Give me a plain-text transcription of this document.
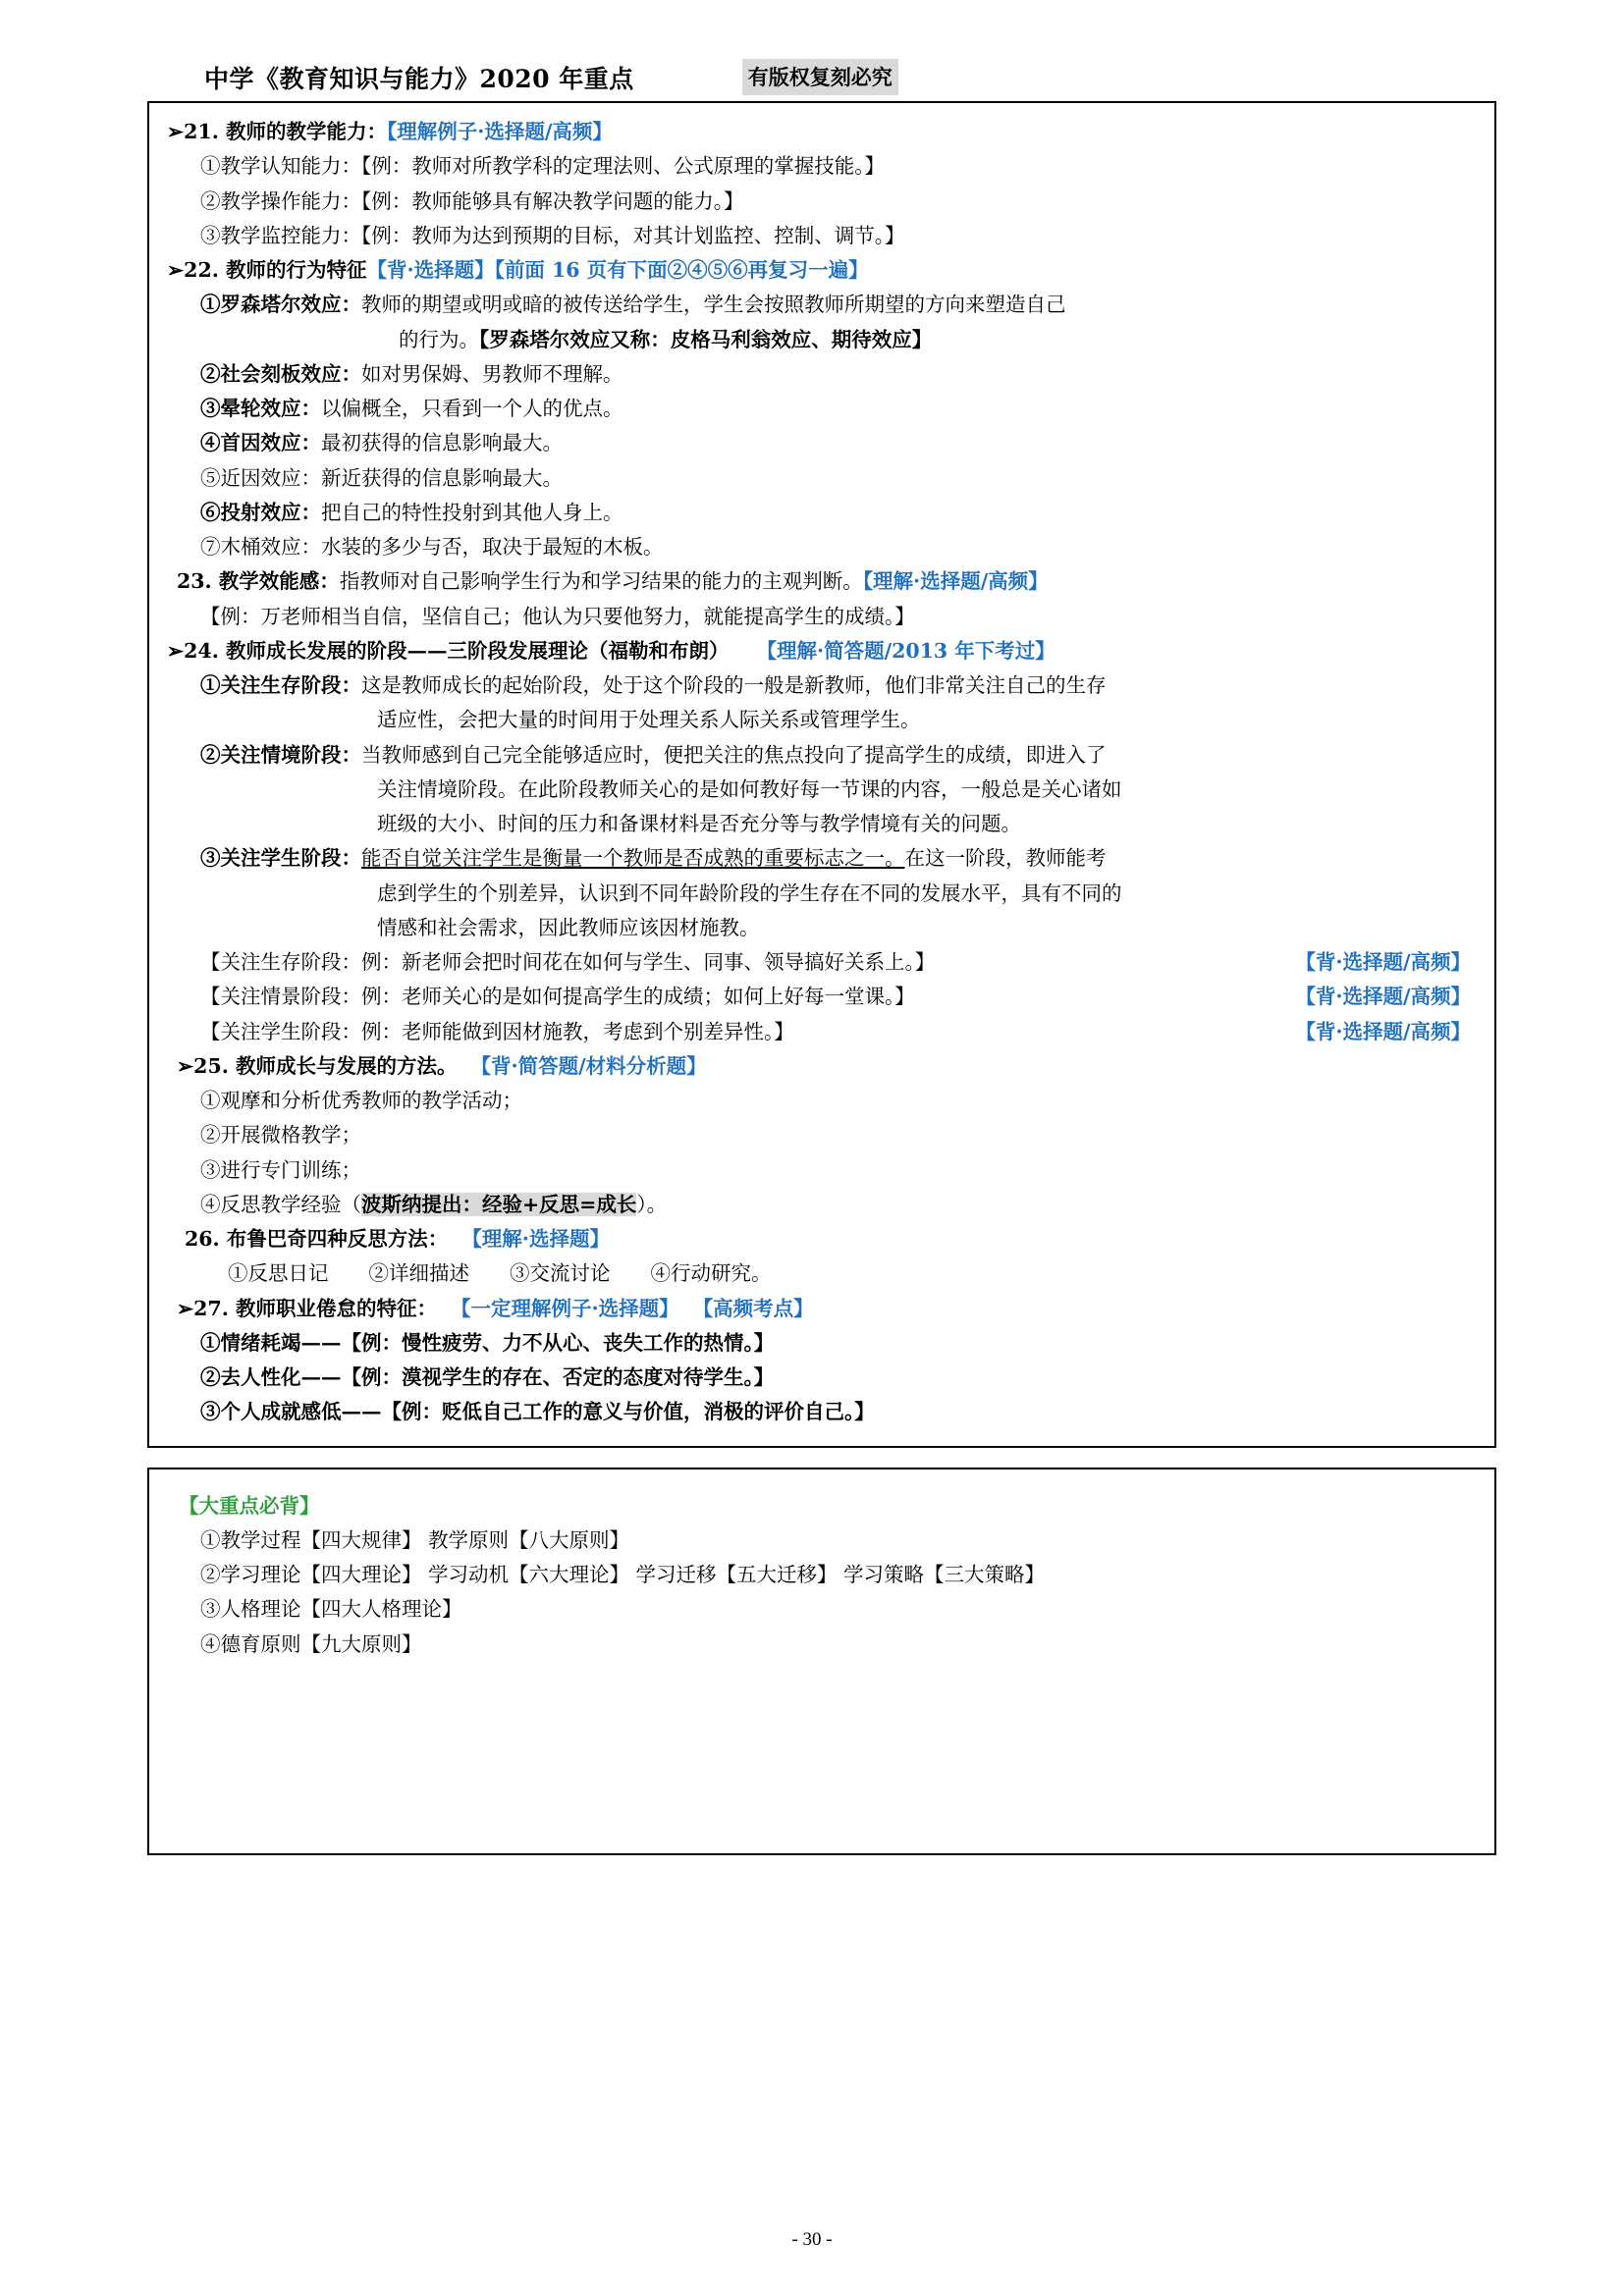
中学《教育知识与能力》2020 年重点	有版权复刻必究
➢21. 教师的教学能力：【理解例子·选择题/高频】
①教学认知能力：【例：教师对所教学科的定理法则、公式原理的掌握技能。】
②教学操作能力：【例：教师能够具有解决教学问题的能力。】
③教学监控能力：【例：教师为达到预期的目标，对其计划监控、控制、调节。】
➢22. 教师的行为特征【背·选择题】【前面 16 页有下面②④⑤⑥再复习一遍】
①罗森塔尔效应：教师的期望或明或暗的被传送给学生，学生会按照教师所期望的方向来塑造自己
的行为。【罗森塔尔效应又称：皮格马利翁效应、期待效应】
②社会刻板效应：如对男保姆、男教师不理解。
③晕轮效应：以偏概全，只看到一个人的优点。
④首因效应：最初获得的信息影响最大。
⑤近因效应：新近获得的信息影响最大。
⑥投射效应：把自己的特性投射到其他人身上。
⑦木桶效应：水装的多少与否，取决于最短的木板。
23. 教学效能感：指教师对自己影响学生行为和学习结果的能力的主观判断。【理解·选择题/高频】
【例：万老师相当自信，坚信自己；他认为只要他努力，就能提高学生的成绩。】
➢24. 教师成长发展的阶段——三阶段发展理论（福勒和布朗） 【理解·简答题/2013 年下考过】
①关注生存阶段：这是教师成长的起始阶段，处于这个阶段的一般是新教师，他们非常关注自己的生存
适应性，会把大量的时间用于处理关系人际关系或管理学生。
②关注情境阶段：当教师感到自己完全能够适应时，便把关注的焦点投向了提高学生的成绩，即进入了
关注情境阶段。在此阶段教师关心的是如何教好每一节课的内容，一般总是关心诸如
班级的大小、时间的压力和备课材料是否充分等与教学情境有关的问题。
③关注学生阶段：能否自觉关注学生是衡量一个教师是否成熟的重要标志之一。在这一阶段，教师能考
虑到学生的个别差异，认识到不同年龄阶段的学生存在不同的发展水平，具有不同的
情感和社会需求，因此教师应该因材施教。
【关注生存阶段：例：新老师会把时间花在如何与学生、同事、领导搞好关系上。】	【背·选择题/高频】
【关注情景阶段：例：老师关心的是如何提高学生的成绩；如何上好每一堂课。】	【背·选择题/高频】
【关注学生阶段：例：老师能做到因材施教，考虑到个别差异性。】	【背·选择题/高频】
➢25. 教师成长与发展的方法。 【背·简答题/材料分析题】
①观摩和分析优秀教师的教学活动；
②开展微格教学；
③进行专门训练；
④反思教学经验（波斯纳提出：经验+反思=成长）。
26. 布鲁巴奇四种反思方法： 【理解·选择题】
①反思日记　　②详细描述　　③交流讨论　　④行动研究。
➢27. 教师职业倦怠的特征： 【一定理解例子·选择题】 【高频考点】
①情绪耗竭——【例：慢性疲劳、力不从心、丧失工作的热情。】
②去人性化——【例：漠视学生的存在、否定的态度对待学生。】
③个人成就感低——【例：贬低自己工作的意义与价值，消极的评价自己。】
【大重点必背】
①教学过程【四大规律】 教学原则【八大原则】
②学习理论【四大理论】 学习动机【六大理论】 学习迁移【五大迁移】 学习策略【三大策略】
③人格理论【四大人格理论】
④德育原则【九大原则】
- 30 -
